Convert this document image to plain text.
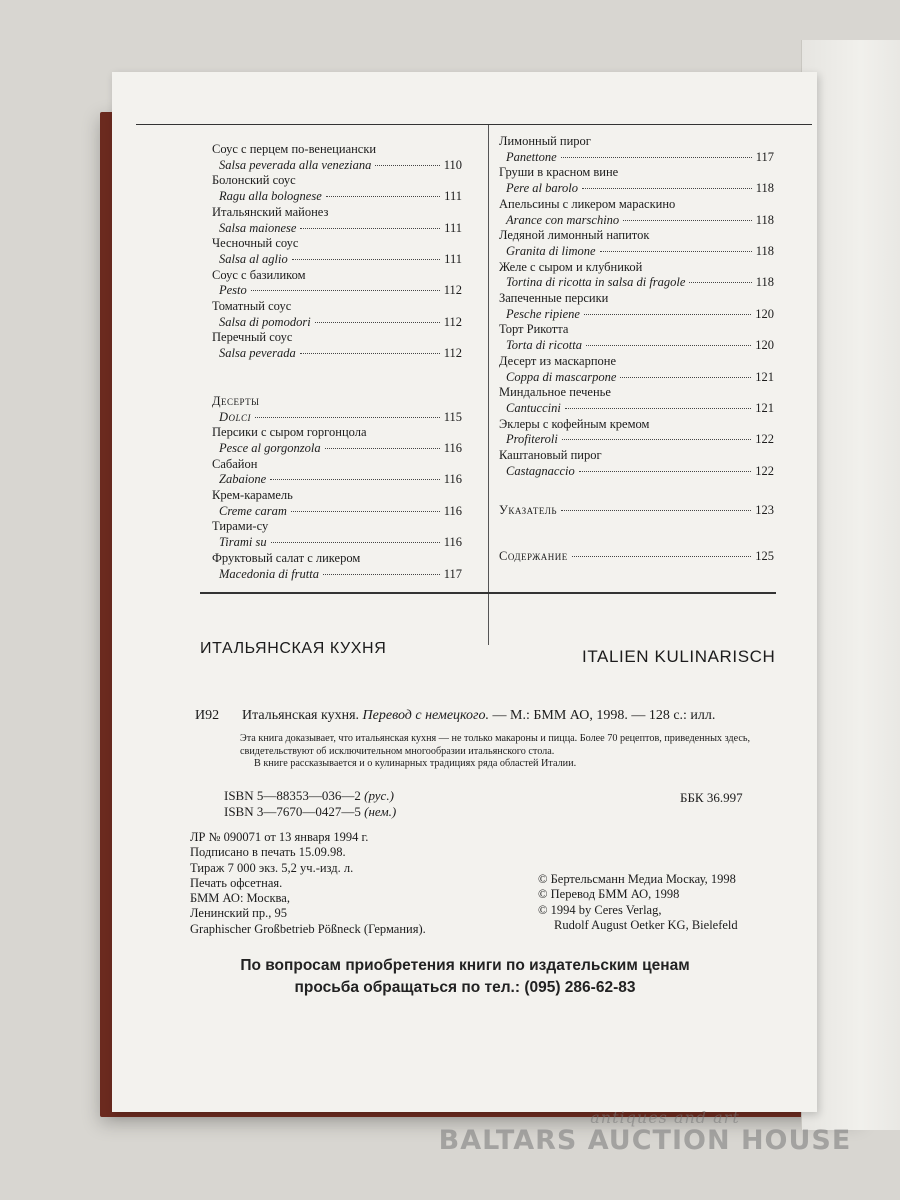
Соус с перцем по-венециански
Salsa peverada alla veneziana	110
Болонский соус
Ragu alla bolognese	111
Итальянский майонез
Salsa maionese	111
Чесночный соус
Salsa al aglio	111
Соус с базиликом
Pesto	112
Томатный соус
Salsa di pomodori	112
Перечный соус
Salsa peverada	112
Десерты
Dolci	115
Персики с сыром горгонцола
Pesce al gorgonzola	116
Сабайон
Zabaione	116
Крем-карамель
Creme caram	116
Тирами-су
Tirami su	116
Фруктовый салат с ликером
Macedonia di frutta	117
Лимонный пирог
Panettone	117
Груши в красном вине
Pere al barolo	118
Апельсины с ликером мараскино
Arance con marschino	118
Ледяной лимонный напиток
Granita di limone	118
Желе с сыром и клубникой
Tortina di ricotta in salsa di fragole	118
Запеченные персики
Pesche ripiene	120
Торт Рикотта
Torta di ricotta	120
Десерт из маскарпоне
Coppa di mascarpone	121
Миндальное печенье
Cantuccini	121
Эклеры с кофейным кремом
Profiteroli	122
Каштановый пирог
Castagnaccio	122
Указатель	123
Содержание	125
ИТАЛЬЯНСКАЯ КУХНЯ	ITALIEN KULINARISCH
И92 Итальянская кухня. Перевод с немецкого. — М.: БММ АО, 1998. — 128 с.: илл.

Эта книга доказывает, что итальянская кухня — не только макароны и пицца. Более 70 рецептов, приведенных здесь, свидетельствуют об исключительном многообразии итальянского стола.

В книге рассказывается и о кулинарных традициях ряда областей Италии.

ISBN 5—88353—036—2 (рус.)
ISBN 3—7670—0427—5 (нем.)
ББК 36.997
ЛР № 090071 от 13 января 1994 г.
Подписано в печать 15.09.98.
Тираж 7 000 экз. 5,2 уч.-изд. л.
Печать офсетная.
БММ АО: Москва,
Ленинский пр., 95
Graphischer Großbetrieb Pößneck (Германия).
© Бертельсманн Медиа Москау, 1998
© Перевод БММ АО, 1998
© 1994 by Ceres Verlag,
Rudolf August Oetker KG, Bielefeld
По вопросам приобретения книги по издательским ценам
просьба обращаться по тел.: (095) 286-62-83
antiques and art
BALTARS AUCTION HOUSE
